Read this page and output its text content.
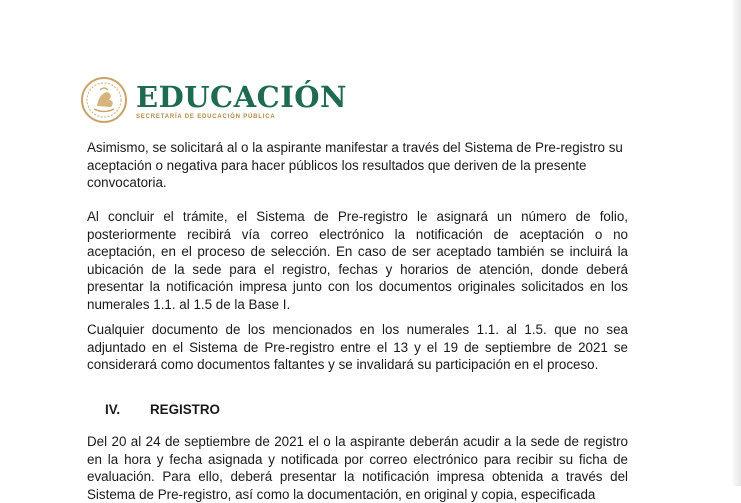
EDUCACIÓN
SECRETARÍA DE EDUCACIÓN PÚBLICA

Asimismo, se solicitará al o la aspirante manifestar a través del Sistema de Pre-registro su aceptación o negativa para hacer públicos los resultados que deriven de la presente convocatoria.

Al concluir el trámite, el Sistema de Pre-registro le asignará un número de folio, posteriormente recibirá vía correo electrónico la notificación de aceptación o no aceptación, en el proceso de selección. En caso de ser aceptado también se incluirá la ubicación de la sede para el registro, fechas y horarios de atención, donde deberá presentar la notificación impresa junto con los documentos originales solicitados en los numerales 1.1. al 1.5 de la Base I.

Cualquier documento de los mencionados en los numerales 1.1. al 1.5. que no sea adjuntado en el Sistema de Pre-registro entre el 13 y el 19 de septiembre de 2021 se considerará como documentos faltantes y se invalidará su participación en el proceso.

IV.	REGISTRO

Del 20 al 24 de septiembre de 2021 el o la aspirante deberán acudir a la sede de registro en la hora y fecha asignada y notificada por correo electrónico para recibir su ficha de evaluación. Para ello, deberá presentar la notificación impresa obtenida a través del Sistema de Pre-registro, así como la documentación, en original y copia, especificada
